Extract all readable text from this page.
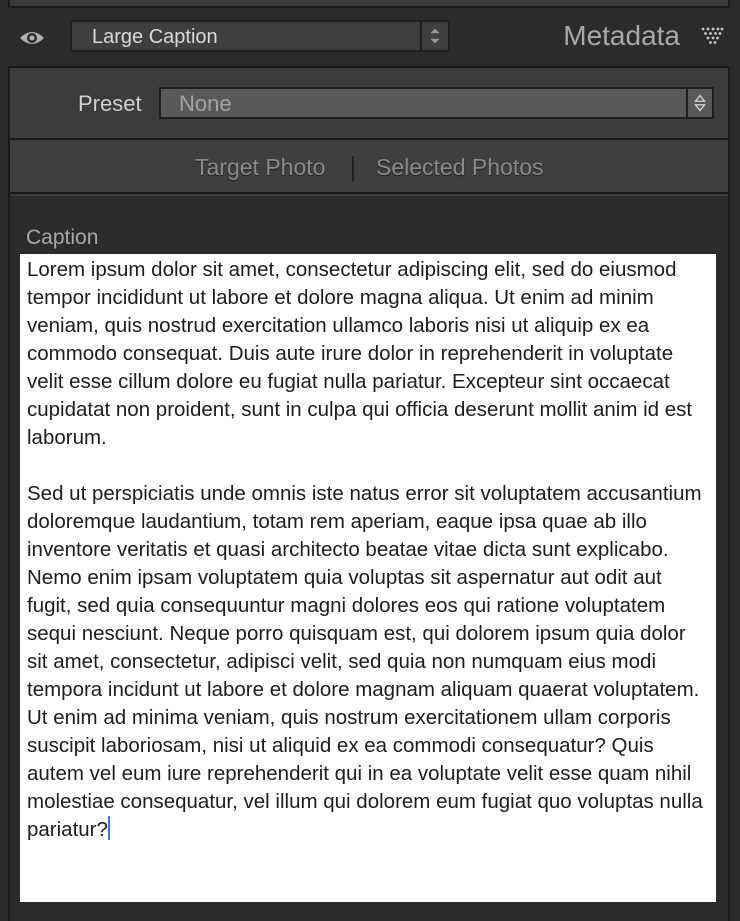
Large Caption	Metadata
Preset None
Target Photo Selected Photos
Caption
Lorem ipsum dolor sit amet, consectetur adipiscing elit, sed do eiusmod tempor incididunt ut labore et dolore magna aliqua. Ut enim ad minim veniam, quis nostrud exercitation ullamco laboris nisi ut aliquip ex ea commodo consequat. Duis aute irure dolor in reprehenderit in voluptate velit esse cillum dolore eu fugiat nulla pariatur. Excepteur sint occaecat cupidatat non proident, sunt in culpa qui officia deserunt mollit anim id est laborum.

Sed ut perspiciatis unde omnis iste natus error sit voluptatem accusantium doloremque laudantium, totam rem aperiam, eaque ipsa quae ab illo inventore veritatis et quasi architecto beatae vitae dicta sunt explicabo. Nemo enim ipsam voluptatem quia voluptas sit aspernatur aut odit aut fugit, sed quia consequuntur magni dolores eos qui ratione voluptatem sequi nesciunt. Neque porro quisquam est, qui dolorem ipsum quia dolor sit amet, consectetur, adipisci velit, sed quia non numquam eius modi tempora incidunt ut labore et dolore magnam aliquam quaerat voluptatem. Ut enim ad minima veniam, quis nostrum exercitationem ullam corporis suscipit laboriosam, nisi ut aliquid ex ea commodi consequatur? Quis autem vel eum iure reprehenderit qui in ea voluptate velit esse quam nihil molestiae consequatur, vel illum qui dolorem eum fugiat quo voluptas nulla pariatur?
